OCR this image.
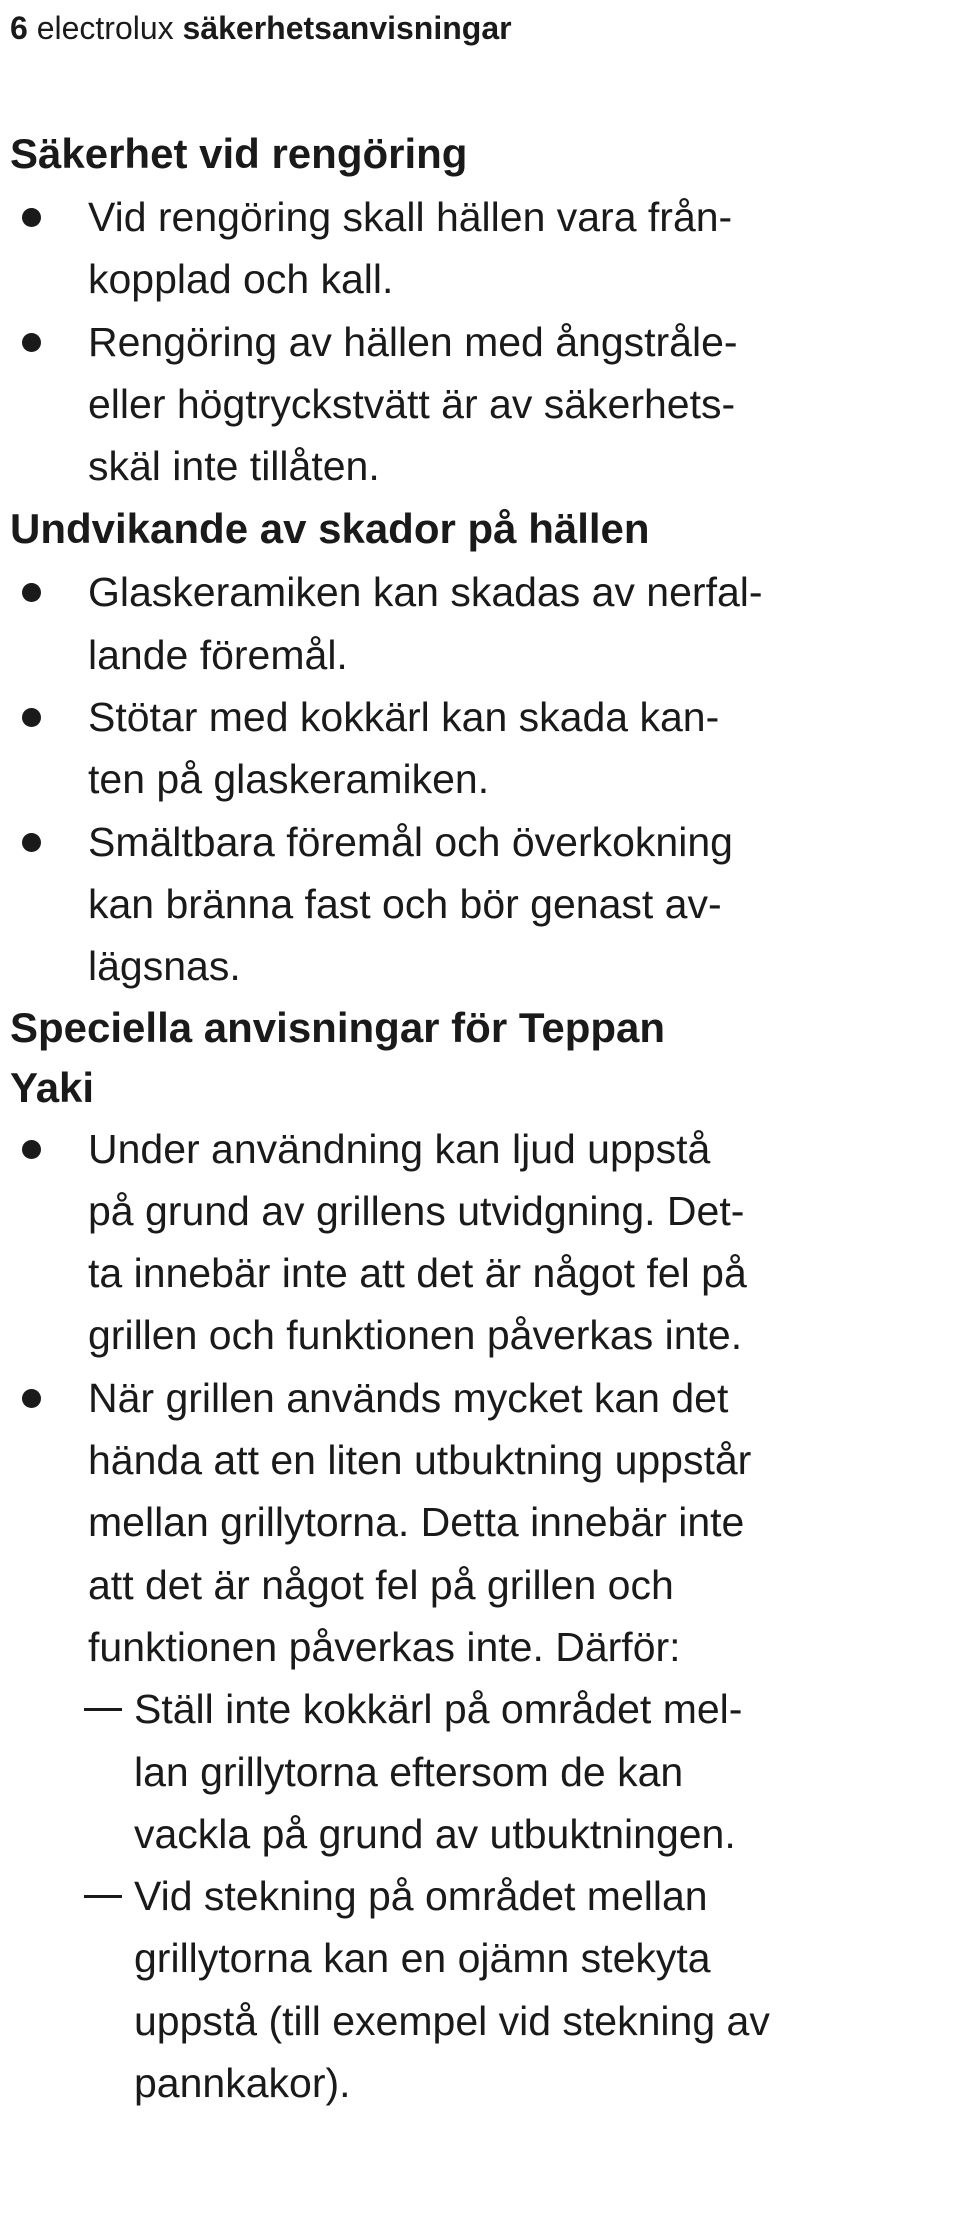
6 electrolux säkerhetsanvisningar
Säkerhet vid rengöring
Vid rengöring skall hällen vara från-
kopplad och kall.
Rengöring av hällen med ångstråle-
eller högtryckstvätt är av säkerhets-
skäl inte tillåten.
Undvikande av skador på hällen
Glaskeramiken kan skadas av nerfal-
lande föremål.
Stötar med kokkärl kan skada kan-
ten på glaskeramiken.
Smältbara föremål och överkokning
kan bränna fast och bör genast av-
lägsnas.
Speciella anvisningar för Teppan
Yaki
Under användning kan ljud uppstå
på grund av grillens utvidgning. Det-
ta innebär inte att det är något fel på
grillen och funktionen påverkas inte.
När grillen används mycket kan det
hända att en liten utbuktning uppstår
mellan grillytorna. Detta innebär inte
att det är något fel på grillen och
funktionen påverkas inte. Därför:
Ställ inte kokkärl på området mel-
lan grillytorna eftersom de kan
vackla på grund av utbuktningen.
Vid stekning på området mellan
grillytorna kan en ojämn stekyta
uppstå (till exempel vid stekning av
pannkakor).
